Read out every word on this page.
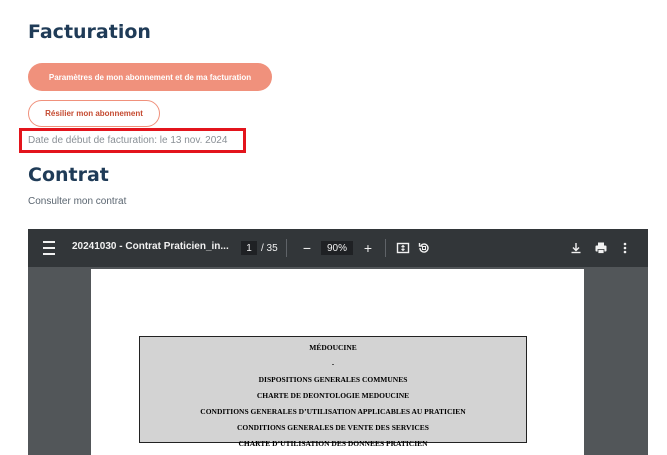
Facturation
Paramètres de mon abonnement et de ma facturation
Résilier mon abonnement
Date de début de facturation: le 13 nov. 2024
Contrat
Consulter mon contrat
20241030 - Contrat Praticien_in...	1 / 35 −	90%	+
MÉDOUCINE
-
DISPOSITIONS GENERALES COMMUNES
CHARTE DE DEONTOLOGIE MEDOUCINE
CONDITIONS GENERALES D’UTILISATION APPLICABLES AU PRATICIEN
CONDITIONS GENERALES DE VENTE DES SERVICES
CHARTE D’UTILISATION DES DONNEES PRATICIEN
